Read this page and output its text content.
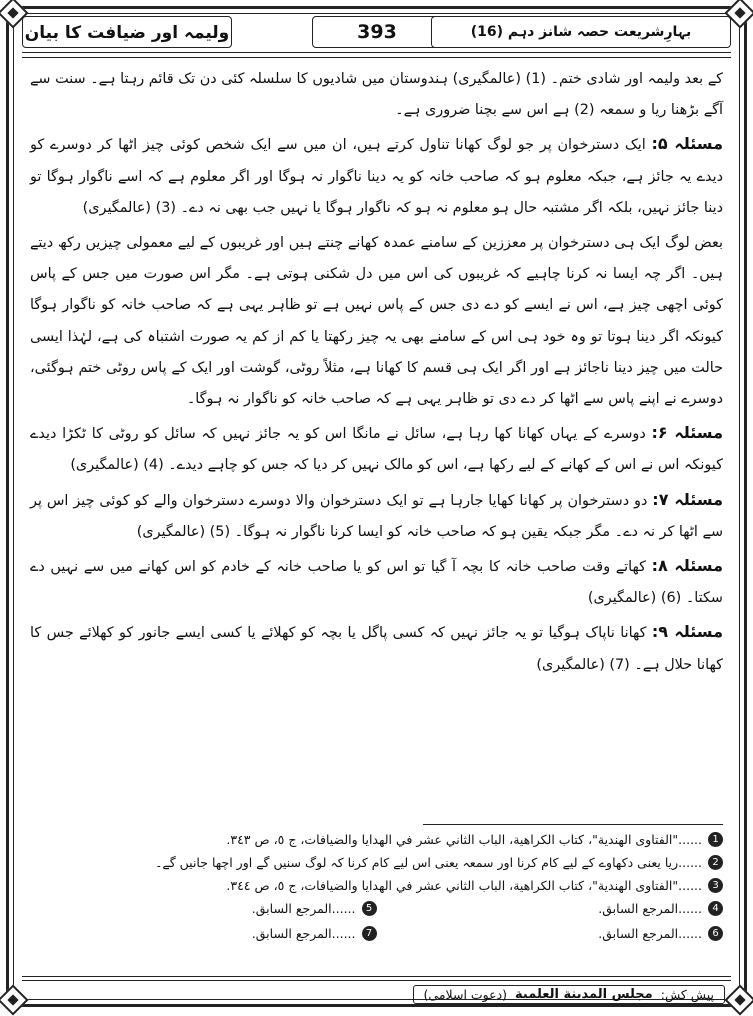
ولیمہ اور ضیافت کا بیان	393	بہارِشریعت حصہ شانز دہم (16)

کے بعد ولیمہ اور شادی ختم۔ (1) (عالمگیری) ہندوستان میں شادیوں کا سلسلہ کئی دن تک قائم رہتا ہے۔ سنت سے آگے بڑھنا ریا و سمعہ (2) ہے اس سے بچنا ضروری ہے۔

مسئلہ ۵: ایک دسترخوان پر جو لوگ کھانا تناول کرتے ہیں، ان میں سے ایک شخص کوئی چیز اٹھا کر دوسرے کو دیدے یہ جائز ہے، جبکہ معلوم ہو کہ صاحب خانہ کو یہ دینا ناگوار نہ ہوگا اور اگر معلوم ہے کہ اسے ناگوار ہوگا تو دینا جائز نہیں، بلکہ اگر مشتبہ حال ہو معلوم نہ ہو کہ ناگوار ہوگا یا نہیں جب بھی نہ دے۔ (3) (عالمگیری)

بعض لوگ ایک ہی دسترخوان پر معززین کے سامنے عمدہ کھانے چنتے ہیں اور غریبوں کے لیے معمولی چیزیں رکھ دیتے ہیں۔ اگر چہ ایسا نہ کرنا چاہیے کہ غریبوں کی اس میں دل شکنی ہوتی ہے۔ مگر اس صورت میں جس کے پاس کوئی اچھی چیز ہے، اس نے ایسے کو دے دی جس کے پاس نہیں ہے تو ظاہر یہی ہے کہ صاحب خانہ کو ناگوار ہوگا کیونکہ اگر دینا ہوتا تو وہ خود ہی اس کے سامنے بھی یہ چیز رکھتا یا کم از کم یہ صورت اشتباہ کی ہے، لہٰذا ایسی حالت میں چیز دینا ناجائز ہے اور اگر ایک ہی قسم کا کھانا ہے، مثلاً روٹی، گوشت اور ایک کے پاس روٹی ختم ہوگئی، دوسرے نے اپنے پاس سے اٹھا کر دے دی تو ظاہر یہی ہے کہ صاحب خانہ کو ناگوار نہ ہوگا۔

مسئلہ ۶: دوسرے کے یہاں کھانا کھا رہا ہے، سائل نے مانگا اس کو یہ جائز نہیں کہ سائل کو روٹی کا ٹکڑا دیدے کیونکہ اس نے اس کے کھانے کے لیے رکھا ہے، اس کو مالک نہیں کر دیا کہ جس کو چاہے دیدے۔ (4) (عالمگیری)

مسئلہ ۷: دو دسترخوان پر کھانا کھایا جارہا ہے تو ایک دسترخوان والا دوسرے دسترخوان والے کو کوئی چیز اس پر سے اٹھا کر نہ دے۔ مگر جبکہ یقین ہو کہ صاحب خانہ کو ایسا کرنا ناگوار نہ ہوگا۔ (5) (عالمگیری)

مسئلہ ۸: کھاتے وقت صاحب خانہ کا بچہ آ گیا تو اس کو یا صاحب خانہ کے خادم کو اس کھانے میں سے نہیں دے سکتا۔ (6) (عالمگیری)

مسئلہ ۹: کھانا ناپاک ہوگیا تو یہ جائز نہیں کہ کسی پاگل یا بچہ کو کھلائے یا کسی ایسے جانور کو کھلائے جس کا کھانا حلال ہے۔ (7) (عالمگیری)

1
......"الفتاوی الهندیة"، کتاب الکراهیة، الباب الثاني عشر في الهدایا والضیافات، ج ٥، ص ٣٤٣.
2
......ریا یعنی دکھاوے کے لیے کام کرنا اور سمعہ یعنی اس لیے کام کرنا کہ لوگ سنیں گے اور اچھا جانیں گے۔
3
......"الفتاوی الهندیة"، کتاب الکراهیة، الباب الثاني عشر في الهدایا والضیافات، ج ٥، ص ٣٤٤.
4
......المرجع السابق.
5
......المرجع السابق.
6
......المرجع السابق.
7
......المرجع السابق.
پیش کش:
مجلس المدینة العلمیة
(دعوت اسلامی)
